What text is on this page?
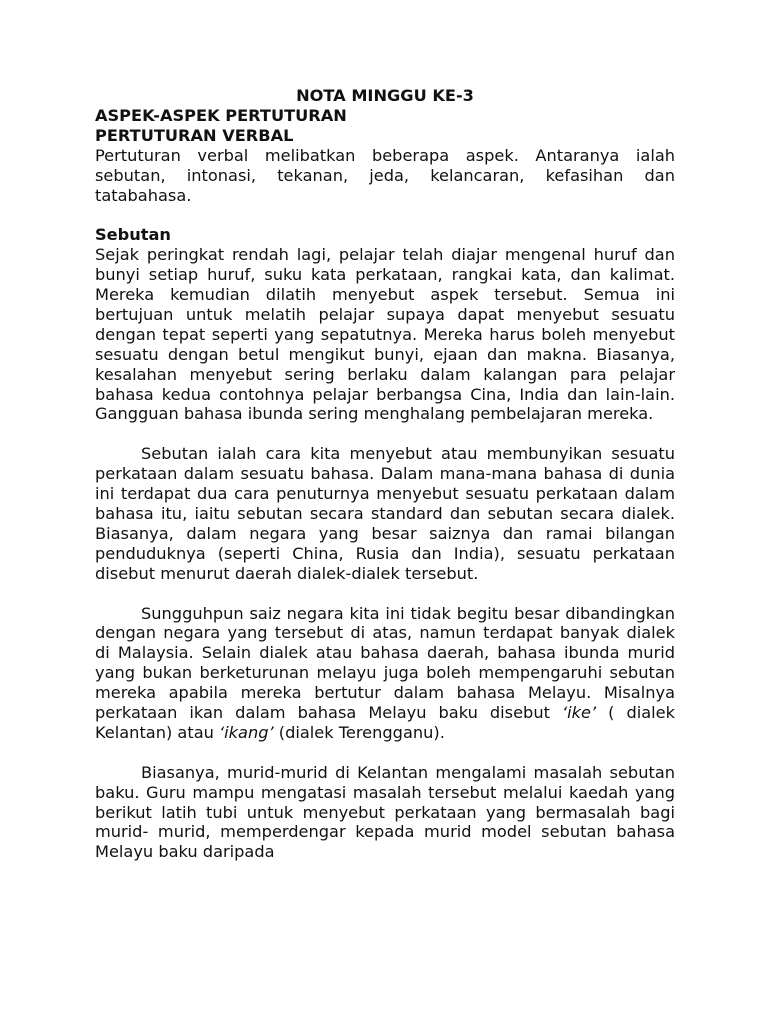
NOTA MINGGU KE-3
ASPEK-ASPEK PERTUTURAN
PERTUTURAN VERBAL

Pertuturan verbal melibatkan beberapa aspek. Antaranya ialah sebutan, intonasi, tekanan, jeda, kelancaran, kefasihan dan tatabahasa.

Sebutan

Sejak peringkat rendah lagi, pelajar telah diajar mengenal huruf dan bunyi setiap huruf, suku kata perkataan, rangkai kata, dan kalimat. Mereka kemudian dilatih menyebut aspek tersebut. Semua ini bertujuan untuk melatih pelajar supaya dapat menyebut sesuatu dengan tepat seperti yang sepatutnya. Mereka harus boleh menyebut sesuatu dengan betul mengikut bunyi, ejaan dan makna. Biasanya, kesalahan menyebut sering berlaku dalam kalangan para pelajar bahasa kedua contohnya pelajar berbangsa Cina, India dan lain-lain. Gangguan bahasa ibunda sering menghalang pembelajaran mereka.

Sebutan ialah cara kita menyebut atau membunyikan sesuatu perkataan dalam sesuatu bahasa. Dalam mana-mana bahasa di dunia ini terdapat dua cara penuturnya menyebut sesuatu perkataan dalam bahasa itu, iaitu sebutan secara standard dan sebutan secara dialek. Biasanya, dalam negara yang besar saiznya dan ramai bilangan penduduknya (seperti China, Rusia dan India), sesuatu perkataan disebut menurut daerah dialek-dialek tersebut.

Sungguhpun saiz negara kita ini tidak begitu besar dibandingkan dengan negara yang tersebut di atas, namun terdapat banyak dialek di Malaysia. Selain dialek atau bahasa daerah, bahasa ibunda murid yang bukan berketurunan melayu juga boleh mempengaruhi sebutan mereka apabila mereka bertutur dalam bahasa Melayu. Misalnya perkataan ikan dalam bahasa Melayu baku disebut ‘ike’ ( dialek Kelantan) atau ‘ikang’ (dialek Terengganu).

Biasanya, murid-murid di Kelantan mengalami masalah sebutan baku. Guru mampu mengatasi masalah tersebut melalui kaedah yang berikut latih tubi untuk menyebut perkataan yang bermasalah bagi murid- murid, memperdengar kepada murid model sebutan bahasa Melayu baku daripada
